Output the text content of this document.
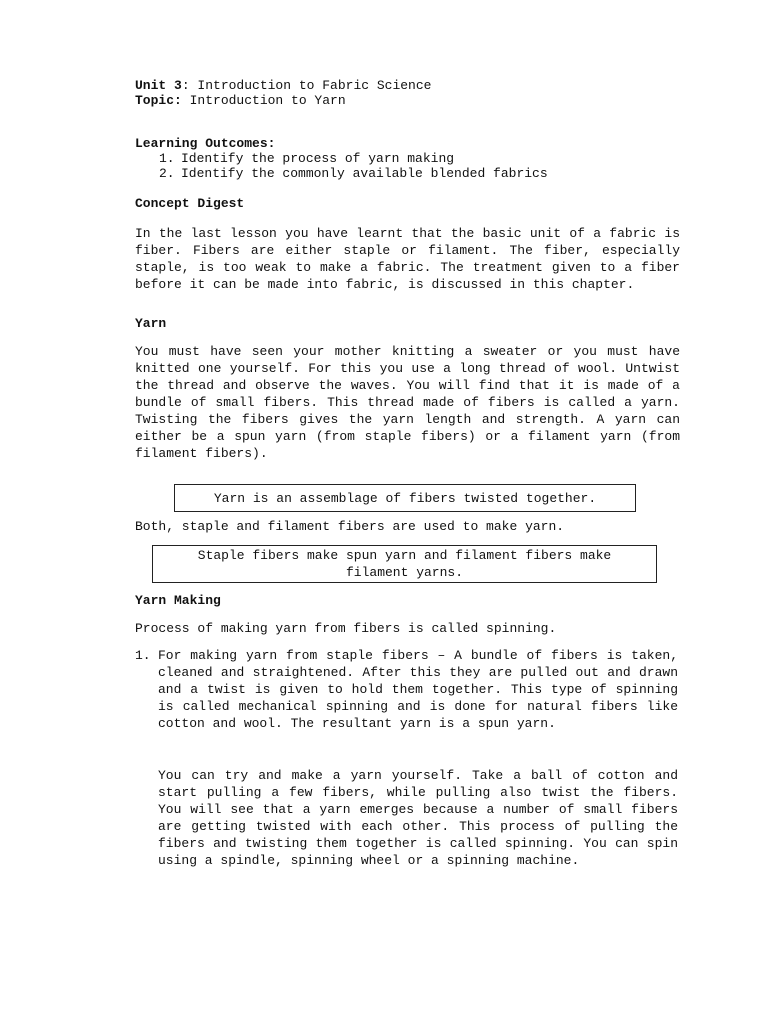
Unit 3: Introduction to Fabric Science
Topic: Introduction to Yarn
Learning Outcomes:
1. Identify the process of yarn making
2. Identify the commonly available blended fabrics
Concept Digest
In the last lesson you have learnt that the basic unit of a fabric is fiber. Fibers are either staple or filament. The fiber, especially staple, is too weak to make a fabric. The treatment given to a fiber before it can be made into fabric, is discussed in this chapter.
Yarn
You must have seen your mother knitting a sweater or you must have knitted one yourself. For this you use a long thread of wool. Untwist the thread and observe the waves. You will find that it is made of a bundle of small fibers. This thread made of fibers is called a yarn. Twisting the fibers gives the yarn length and strength. A yarn can either be a spun yarn (from staple fibers) or a filament yarn (from filament fibers).
Yarn is an assemblage of fibers twisted together.
Both, staple and filament fibers are used to make yarn.
Staple fibers make spun yarn and filament fibers make filament yarns.
Yarn Making
Process of making yarn from fibers is called spinning.
1. For making yarn from staple fibers – A bundle of fibers is taken, cleaned and straightened. After this they are pulled out and drawn and a twist is given to hold them together. This type of spinning is called mechanical spinning and is done for natural fibers like cotton and wool. The resultant yarn is a spun yarn.
You can try and make a yarn yourself. Take a ball of cotton and start pulling a few fibers, while pulling also twist the fibers. You will see that a yarn emerges because a number of small fibers are getting twisted with each other. This process of pulling the fibers and twisting them together is called spinning. You can spin using a spindle, spinning wheel or a spinning machine.
